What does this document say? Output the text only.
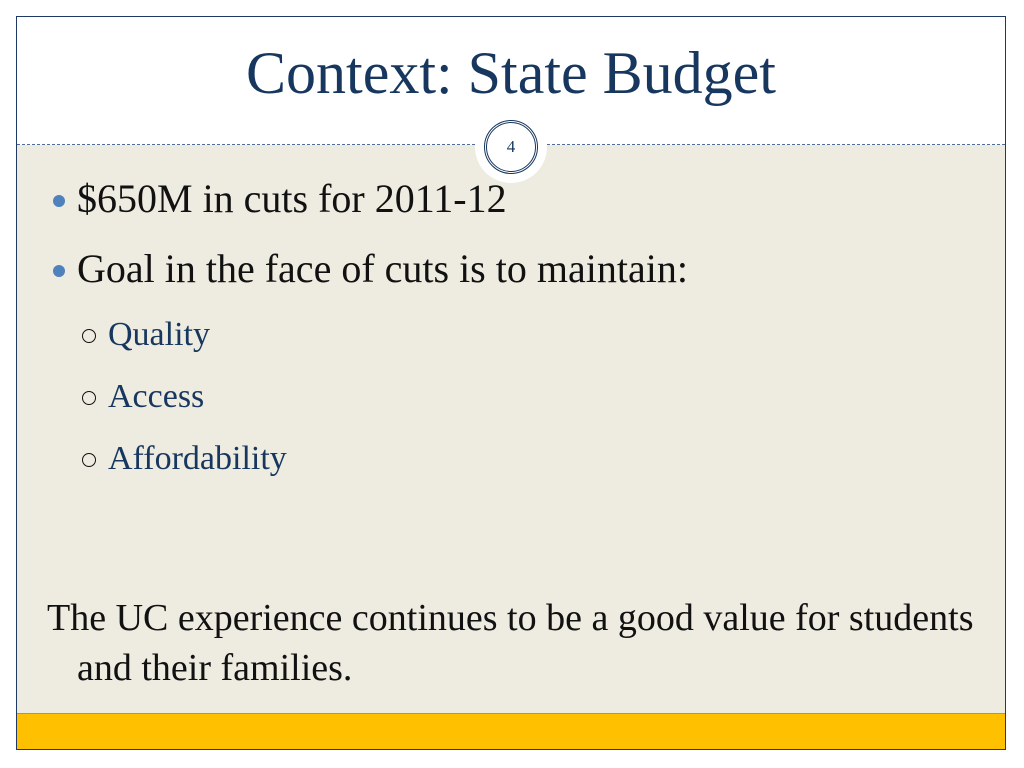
Context: State Budget
4
$650M in cuts for 2011-12
Goal in the face of cuts is to maintain:
Quality
Access
Affordability
The UC experience continues to be a good value for students and their families.
